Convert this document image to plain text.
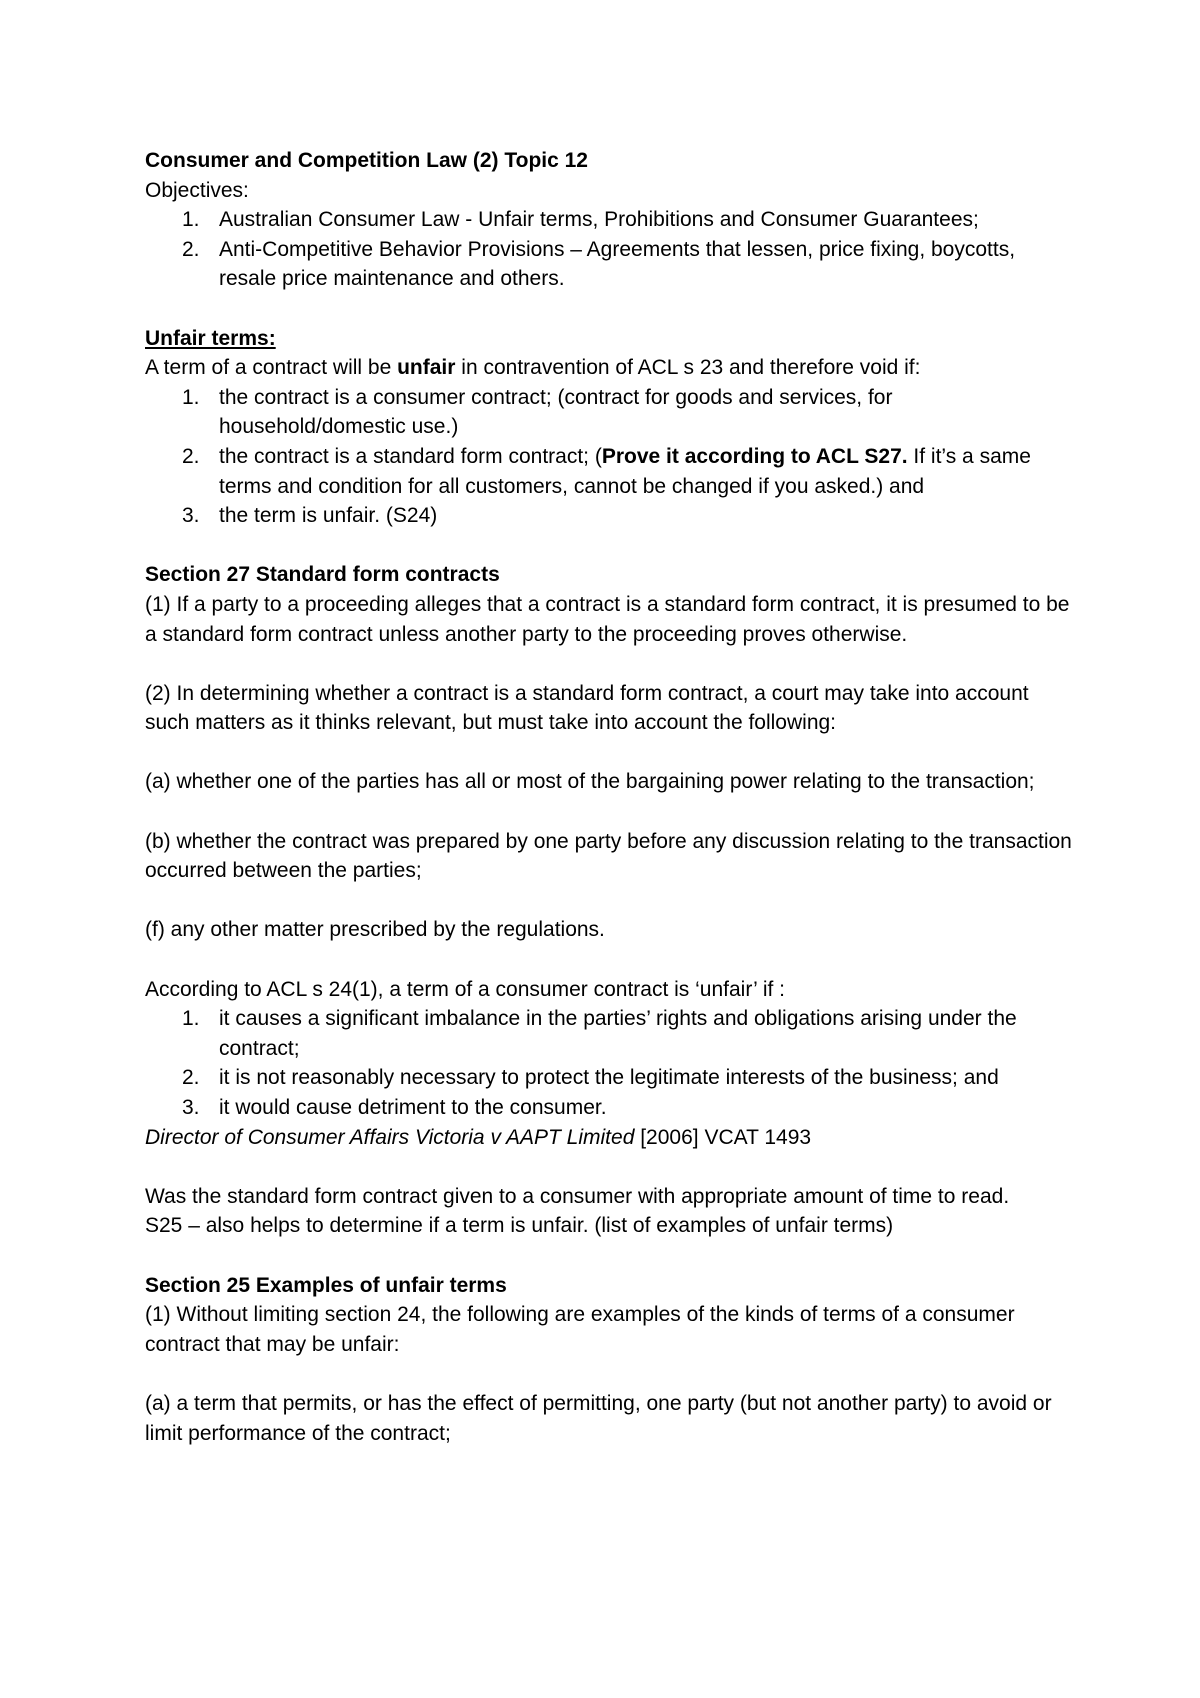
Consumer and Competition Law (2) Topic 12

Objectives:

1. Australian Consumer Law - Unfair terms, Prohibitions and Consumer Guarantees;
2. Anti-Competitive Behavior Provisions – Agreements that lessen, price fixing, boycotts, resale price maintenance and others.

Unfair terms:

A term of a contract will be unfair in contravention of ACL s 23 and therefore void if:

1. the contract is a consumer contract; (contract for goods and services, for household/domestic use.)
2. the contract is a standard form contract; (Prove it according to ACL S27. If it’s a same terms and condition for all customers, cannot be changed if you asked.) and
3. the term is unfair. (S24)

Section 27 Standard form contracts

(1) If a party to a proceeding alleges that a contract is a standard form contract, it is presumed to be a standard form contract unless another party to the proceeding proves otherwise.

(2) In determining whether a contract is a standard form contract, a court may take into account such matters as it thinks relevant, but must take into account the following:

(a) whether one of the parties has all or most of the bargaining power relating to the transaction;

(b) whether the contract was prepared by one party before any discussion relating to the transaction occurred between the parties;

(f) any other matter prescribed by the regulations.

According to ACL s 24(1), a term of a consumer contract is ‘unfair’ if :

1. it causes a significant imbalance in the parties’ rights and obligations arising under the contract;
2. it is not reasonably necessary to protect the legitimate interests of the business; and
3. it would cause detriment to the consumer.

Director of Consumer Affairs Victoria v AAPT Limited [2006] VCAT 1493

Was the standard form contract given to a consumer with appropriate amount of time to read.

S25 – also helps to determine if a term is unfair. (list of examples of unfair terms)

Section 25 Examples of unfair terms

(1) Without limiting section 24, the following are examples of the kinds of terms of a consumer contract that may be unfair:

(a) a term that permits, or has the effect of permitting, one party (but not another party) to avoid or limit performance of the contract;
